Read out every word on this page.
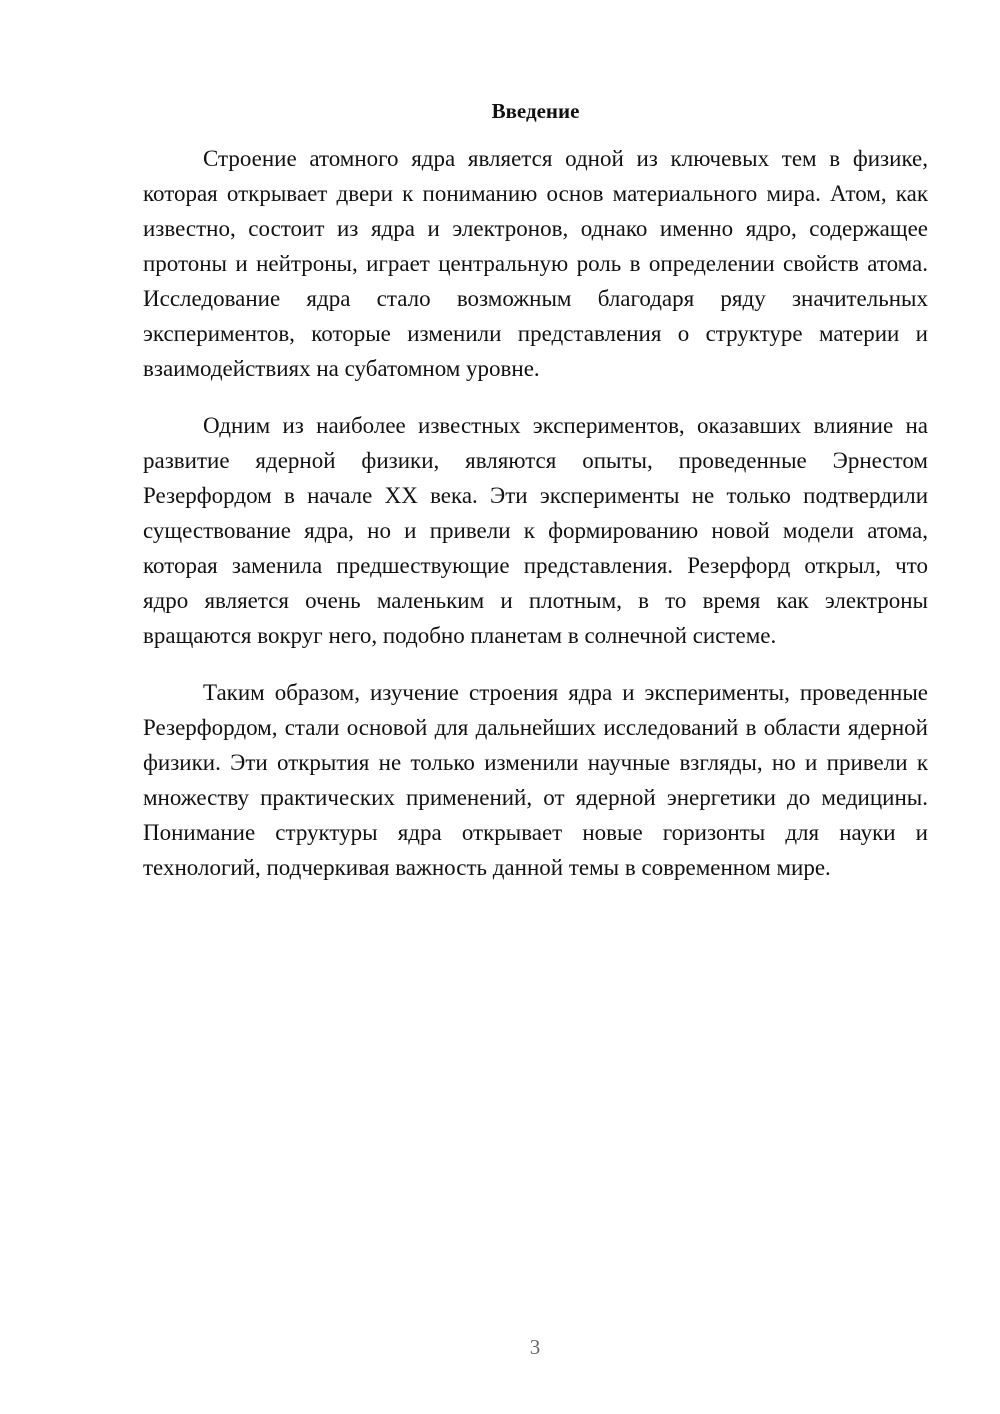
Введение

Строение атомного ядра является одной из ключевых тем в физике, которая открывает двери к пониманию основ материального мира. Атом, как известно, состоит из ядра и электронов, однако именно ядро, содержащее протоны и нейтроны, играет центральную роль в определении свойств атома. Исследование ядра стало возможным благодаря ряду значительных экспериментов, которые изменили представления о структуре материи и взаимодействиях на субатомном уровне.

Одним из наиболее известных экспериментов, оказавших влияние на развитие ядерной физики, являются опыты, проведенные Эрнестом Резерфордом в начале XX века. Эти эксперименты не только подтвердили существование ядра, но и привели к формированию новой модели атома, которая заменила предшествующие представления. Резерфорд открыл, что ядро является очень маленьким и плотным, в то время как электроны вращаются вокруг него, подобно планетам в солнечной системе.

Таким образом, изучение строения ядра и эксперименты, проведенные Резерфордом, стали основой для дальнейших исследований в области ядерной физики. Эти открытия не только изменили научные взгляды, но и привели к множеству практических применений, от ядерной энергетики до медицины. Понимание структуры ядра открывает новые горизонты для науки и технологий, подчеркивая важность данной темы в современном мире.

3
